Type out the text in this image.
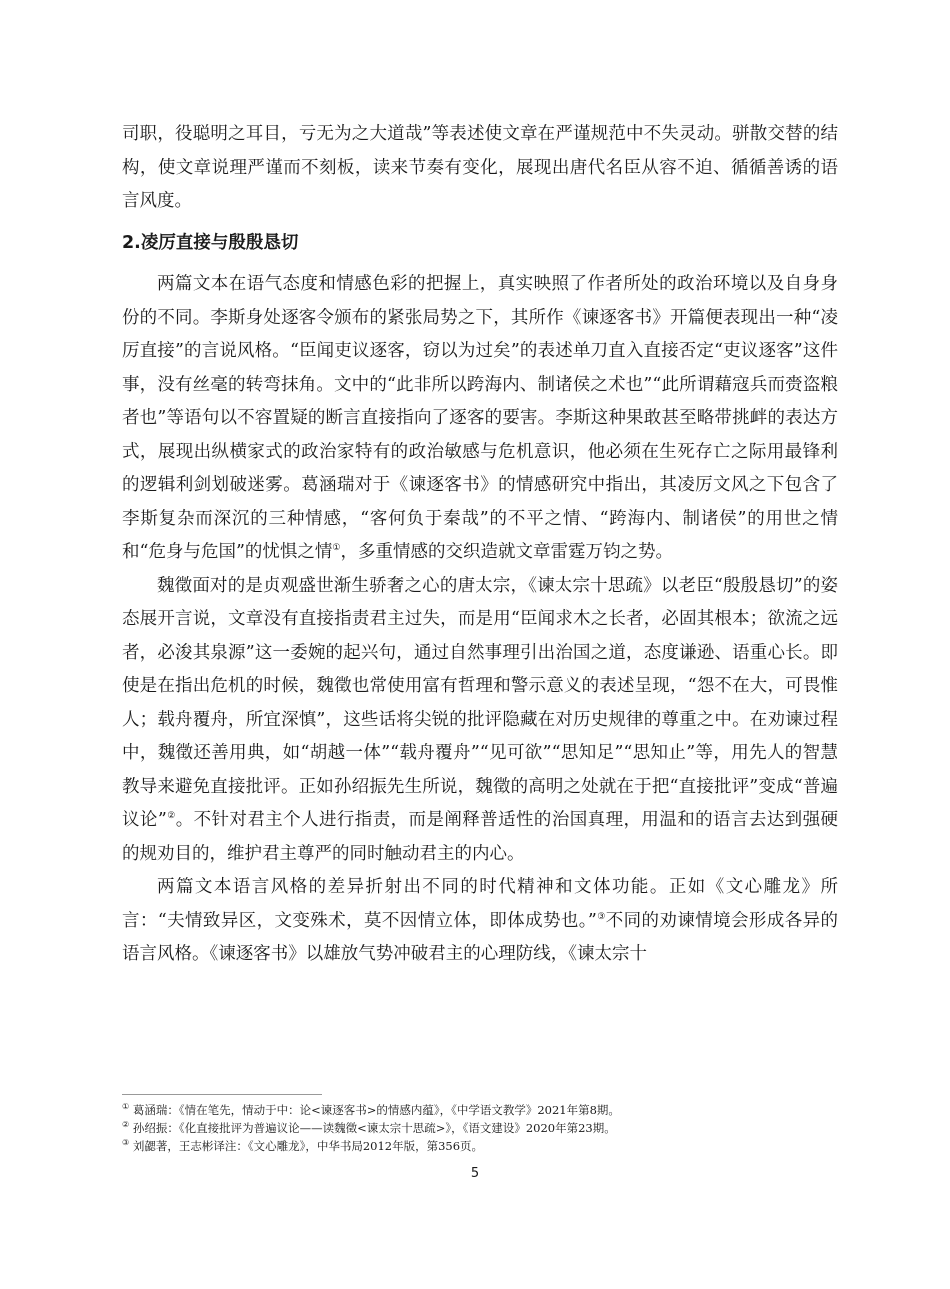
司职，役聪明之耳目，亏无为之大道哉”等表述使文章在严谨规范中不失灵动。骈散交替的结构，使文章说理严谨而不刻板，读来节奏有变化，展现出唐代名臣从容不迫、循循善诱的语言风度。

2.凌厉直接与殷殷恳切

两篇文本在语气态度和情感色彩的把握上，真实映照了作者所处的政治环境以及自身身份的不同。李斯身处逐客令颁布的紧张局势之下，其所作《谏逐客书》开篇便表现出一种“凌厉直接”的言说风格。“臣闻吏议逐客，窃以为过矣”的表述单刀直入直接否定“吏议逐客”这件事，没有丝毫的转弯抹角。文中的“此非所以跨海内、制诸侯之术也”“此所谓藉寇兵而赍盗粮者也”等语句以不容置疑的断言直接指向了逐客的要害。李斯这种果敢甚至略带挑衅的表达方式，展现出纵横家式的政治家特有的政治敏感与危机意识，他必须在生死存亡之际用最锋利的逻辑利剑划破迷雾。葛涵瑞对于《谏逐客书》的情感研究中指出，其凌厉文风之下包含了李斯复杂而深沉的三种情感，“客何负于秦哉”的不平之情、“跨海内、制诸侯”的用世之情和“危身与危国”的忧惧之情①，多重情感的交织造就文章雷霆万钧之势。

魏徵面对的是贞观盛世渐生骄奢之心的唐太宗，《谏太宗十思疏》以老臣“殷殷恳切”的姿态展开言说，文章没有直接指责君主过失，而是用“臣闻求木之长者，必固其根本；欲流之远者，必浚其泉源”这一委婉的起兴句，通过自然事理引出治国之道，态度谦逊、语重心长。即使是在指出危机的时候，魏徵也常使用富有哲理和警示意义的表述呈现，“怨不在大，可畏惟人；载舟覆舟，所宜深慎”，这些话将尖锐的批评隐藏在对历史规律的尊重之中。在劝谏过程中，魏徵还善用典，如“胡越一体”“载舟覆舟”“见可欲”“思知足”“思知止”等，用先人的智慧教导来避免直接批评。正如孙绍振先生所说，魏徵的高明之处就在于把“直接批评”变成“普遍议论”②。不针对君主个人进行指责，而是阐释普适性的治国真理，用温和的语言去达到强硬的规劝目的，维护君主尊严的同时触动君主的内心。

两篇文本语言风格的差异折射出不同的时代精神和文体功能。正如《文心雕龙》所言：“夫情致异区，文变殊术，莫不因情立体，即体成势也。”③不同的劝谏情境会形成各异的语言风格。《谏逐客书》以雄放气势冲破君主的心理防线，《谏太宗十

① 葛涵瑞：《情在笔先，情动于中：论<谏逐客书>的情感内蕴》，《中学语文教学》2021年第8期。
② 孙绍振：《化直接批评为普遍议论——读魏徵<谏太宗十思疏>》，《语文建设》2020年第23期。
③ 刘勰著，王志彬译注：《文心雕龙》，中华书局2012年版，第356页。
5
